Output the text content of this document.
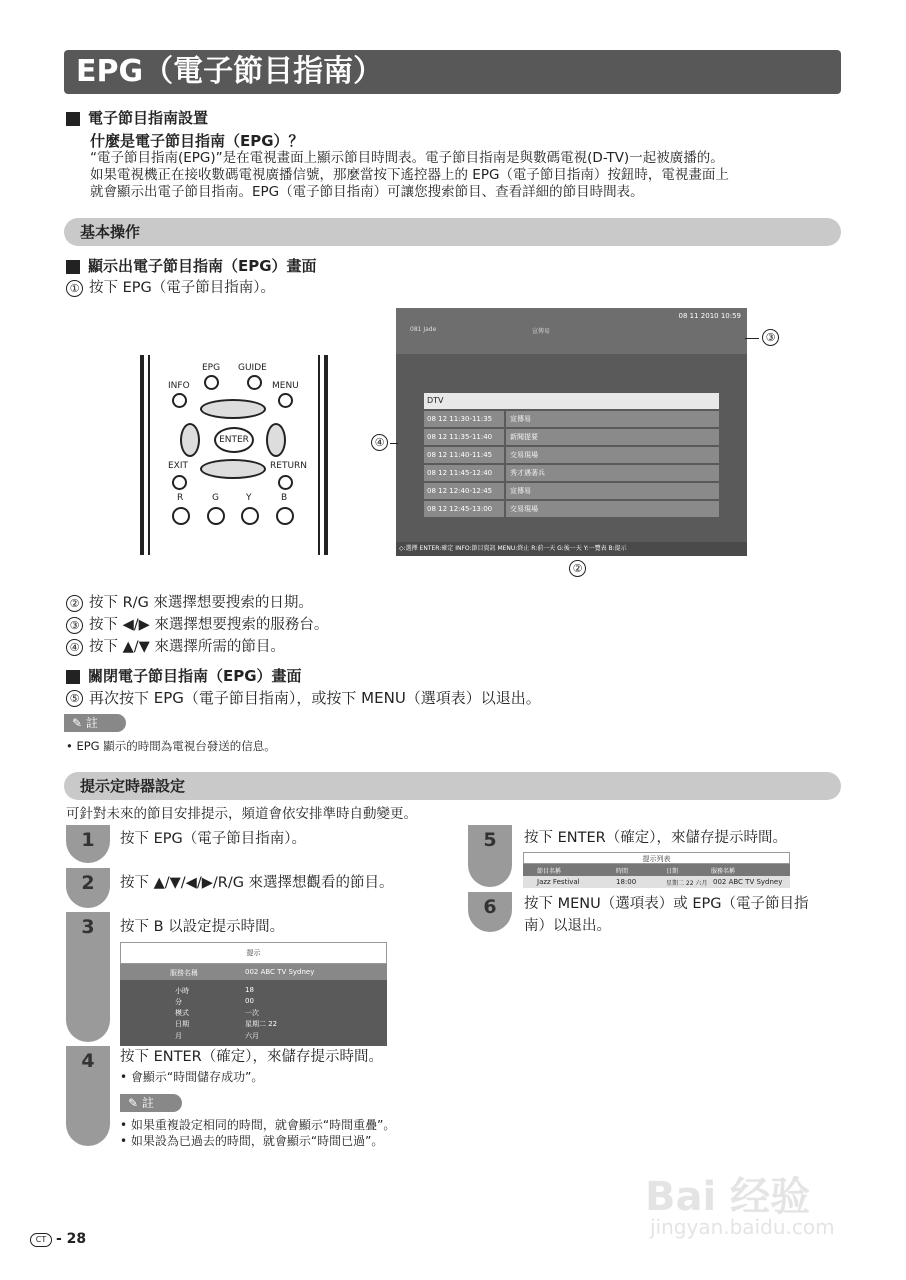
EPG（電子節目指南）
電子節目指南設置
什麼是電子節目指南（EPG）？
“電子節目指南(EPG)”是在電視畫面上顯示節目時間表。電子節目指南是與數碼電視(D-TV)一起被廣播的。
如果電視機正在接收數碼電視廣播信號，那麼當按下遙控器上的 EPG（電子節目指南）按鈕時，電視畫面上
就會顯示出電子節目指南。EPG（電子節目指南）可讓您搜索節目、查看詳細的節目時間表。
基本操作
顯示出電子節目指南（EPG）畫面
① 按下 EPG（電子節目指南）。
EPG GUIDE
INFO	MENU
ENTER
EXIT	RETURN
R	G	Y	B
08 11 2010 10:59
081 Jade	宣傳易
DTV
08 12 11:30-11:35	宣傳易
08 12 11:35-11:40	新聞提要
08 12 11:40-11:45	交易現場
08 12 11:45-12:40	秀才遇著兵
08 12 12:40-12:45	宣傳易
08 12 12:45-13:00	交易現場
◇:選擇 ENTER:確定 INFO:節目資訊 MENU:終止 R:前一天 G:後一天 Y:一覽表 B:提示
③
④
②
② 按下 R/G 來選擇想要搜索的日期。
③ 按下 ◀/▶ 來選擇想要搜索的服務台。
④ 按下 ▲/▼ 來選擇所需的節目。
關閉電子節目指南（EPG）畫面
⑤ 再次按下 EPG（電子節目指南），或按下 MENU（選項表）以退出。
✎ 註
• EPG 顯示的時間為電視台發送的信息。
提示定時器設定
可針對未來的節目安排提示，頻道會依安排準時自動變更。
1	按下 EPG（電子節目指南）。
2	按下 ▲/▼/◀/▶/R/G 來選擇想觀看的節目。
3	按下 B 以設定提示時間。
提示
服務名稱	002 ABC TV Sydney
小時	18
分	00
模式	一次
日期	星期二 22
月	六月
4	按下 ENTER（確定），來儲存提示時間。
• 會顯示“時間儲存成功”。
✎ 註
• 如果重複設定相同的時間，就會顯示“時間重疊”。
• 如果設為已過去的時間，就會顯示“時間已過”。
5	按下 ENTER（確定），來儲存提示時間。
提示列表
節目名稱	時間	日期	服務名稱
Jazz Festival	18:00	星期二 22 六月 002 ABC TV Sydney
6	按下 MENU（選項表）或 EPG（電子節目指
南）以退出。
Bai 经验
jingyan.baidu.com
CT - 28
